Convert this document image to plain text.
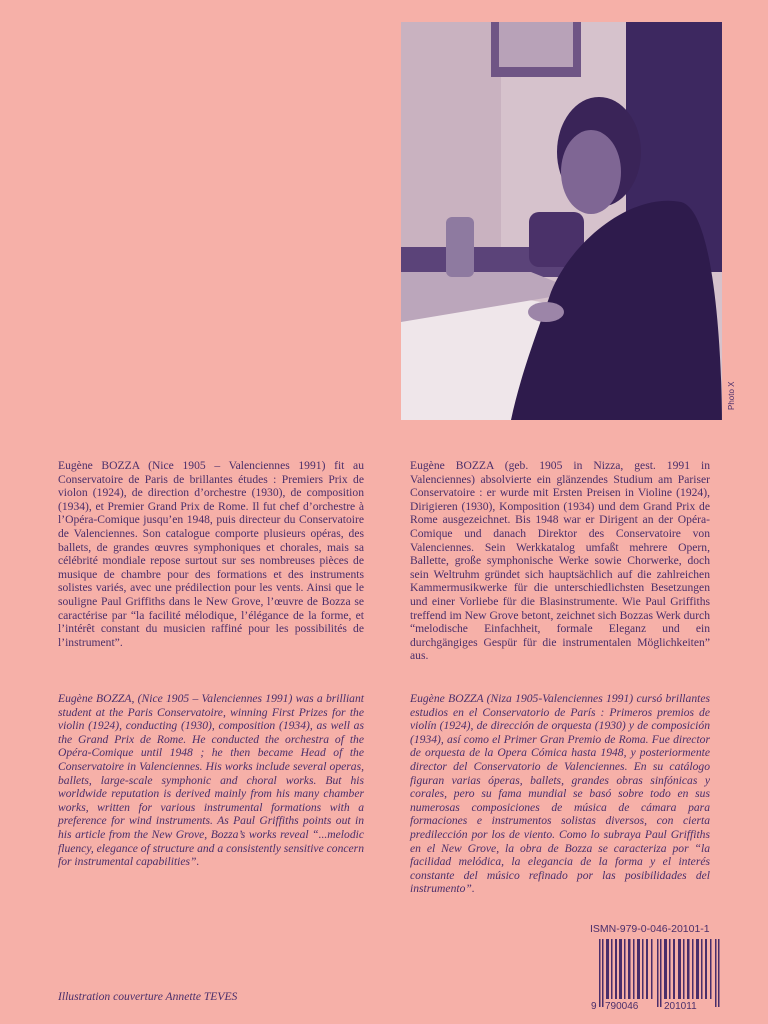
Photo X

Eugène BOZZA (Nice 1905 – Valenciennes 1991) fit au Conservatoire de Paris de brillantes études : Premiers Prix de violon (1924), de direction d’orchestre (1930), de composition (1934), et Premier Grand Prix de Rome. Il fut chef d’orchestre à l’Opéra-Comique jusqu’en 1948, puis directeur du Conservatoire de Valenciennes. Son catalogue comporte plusieurs opéras, des ballets, de grandes œuvres symphoniques et chorales, mais sa célébrité mondiale repose surtout sur ses nombreuses pièces de musique de chambre pour des formations et des instruments solistes variés, avec une prédilection pour les vents. Ainsi que le souligne Paul Griffiths dans le New Grove, l’œuvre de Bozza se caractérise par “la facilité mélodique, l’élégance de la forme, et l’intérêt constant du musicien raffiné pour les possibilités de l’instrument”.

Eugène BOZZA (geb. 1905 in Nizza, gest. 1991 in Valenciennes) absolvierte ein glänzendes Studium am Pariser Conservatoire : er wurde mit Ersten Preisen in Violine (1924), Dirigieren (1930), Komposition (1934) und dem Grand Prix de Rome ausgezeichnet. Bis 1948 war er Dirigent an der Opéra-Comique und danach Direktor des Conservatoire von Valenciennes. Sein Werkkatalog umfaßt mehrere Opern, Ballette, große symphonische Werke sowie Chorwerke, doch sein Weltruhm gründet sich hauptsächlich auf die zahlreichen Kammermusikwerke für die unterschiedlichsten Besetzungen und einer Vorliebe für die Blasinstrumente. Wie Paul Griffiths treffend im New Grove betont, zeichnet sich Bozzas Werk durch “melodische Einfachheit, formale Eleganz und ein durchgängiges Gespür für die instrumentalen Möglichkeiten” aus.

Eugène BOZZA, (Nice 1905 – Valenciennes 1991) was a brilliant student at the Paris Conservatoire, winning First Prizes for the violin (1924), conducting (1930), composition (1934), as well as the Grand Prix de Rome. He conducted the orchestra of the Opéra-Comique until 1948 ; he then became Head of the Conservatoire in Valenciennes. His works include several operas, ballets, large-scale symphonic and choral works. But his worldwide reputation is derived mainly from his many chamber works, written for various instrumental formations with a preference for wind instruments. As Paul Griffiths points out in his article from the New Grove, Bozza’s works reveal “...melodic fluency, elegance of structure and a consistently sensitive concern for instrumental capabilities”.

Eugène BOZZA (Niza 1905-Valenciennes 1991) cursó brillantes estudios en el Conservatorio de París : Primeros premios de violín (1924), de dirección de orquesta (1930) y de composición (1934), así como el Primer Gran Premio de Roma. Fue director de orquesta de la Opera Cómica hasta 1948, y posteriormente director del Conservatorio de Valenciennes. En su catálogo figuran varias óperas, ballets, grandes obras sinfónicas y corales, pero su fama mundial se basó sobre todo en sus numerosas composiciones de música de cámara para formaciones e instrumentos solistas diversos, con cierta predilección por los de viento. Como lo subraya Paul Griffiths en el New Grove, la obra de Bozza se caracteriza por “la facilidad melódica, la elegancia de la forma y el interés constante del músico refinado por las posibilidades del instrumento”.

Illustration couverture Annette TEVES
ISMN-979-0-046-20101-1
9 790046	201011
